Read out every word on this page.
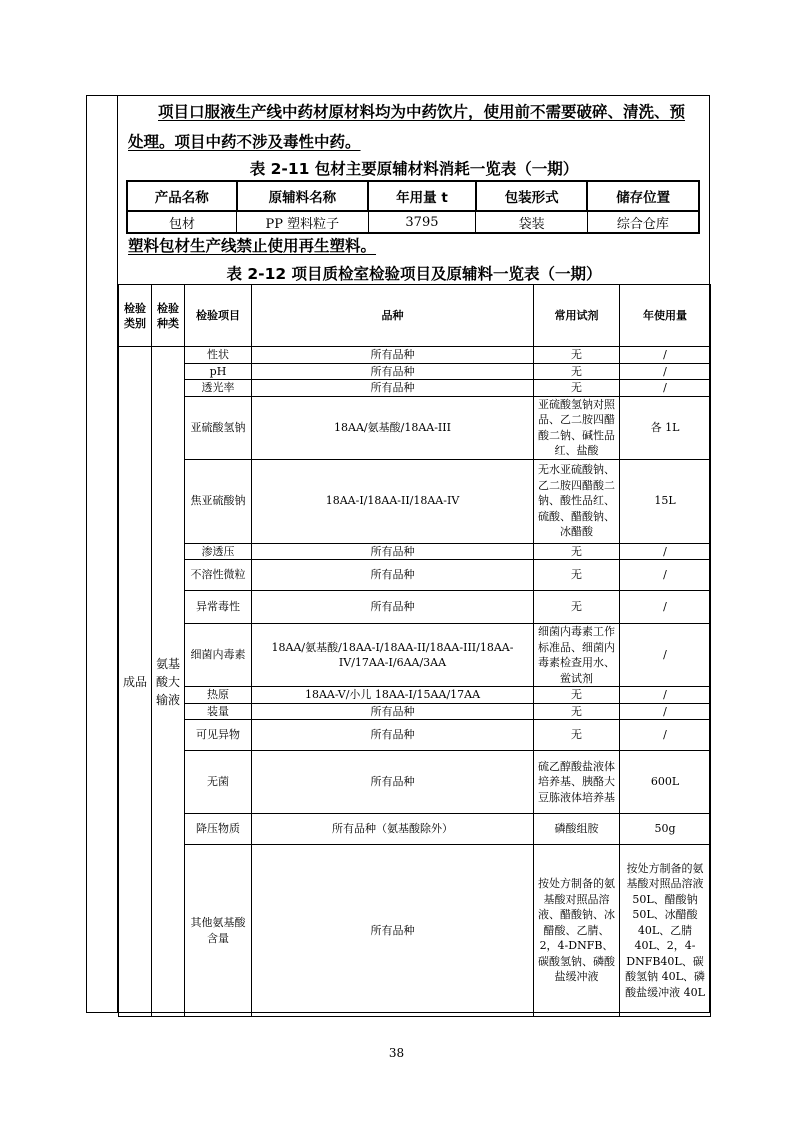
项目口服液生产线中药材原材料均为中药饮片，使用前不需要破碎、清洗、预
处理。项目中药不涉及毒性中药。
表 2-11 包材主要原辅材料消耗一览表（一期）
产品名称	原辅料名称	年用量 t	包装形式	储存位置
包材	PP 塑料粒子	3795	袋装	综合仓库
塑料包材生产线禁止使用再生塑料。
表 2-12 项目质检室检验项目及原辅料一览表（一期）
检验类别	检验种类	检验项目	品种	常用试剂	年使用量
成品	氨基酸大输液	性状	所有品种	无	/
		pH	所有品种	无	/
		透光率	所有品种	无	/
		亚硫酸氢钠	18AA/氨基酸/18AA-III	亚硫酸氢钠对照品、乙二胺四醋酸二钠、碱性品红、盐酸	各 1L
		焦亚硫酸钠	18AA-I/18AA-II/18AA-IV	无水亚硫酸钠、乙二胺四醋酸二钠、酸性品红、硫酸、醋酸钠、冰醋酸	15L
		渗透压	所有品种	无	/
		不溶性微粒	所有品种	无	/
		异常毒性	所有品种	无	/
		细菌内毒素	18AA/氨基酸/18AA-I/18AA-II/18AA-III/18AA-IV/17AA-I/6AA/3AA	细菌内毒素工作标准品、细菌内毒素检查用水、鲎试剂	/
		热原	18AA-V/小儿 18AA-I/15AA/17AA	无	/
		装量	所有品种	无	/
		可见异物	所有品种	无	/
		无菌	所有品种	硫乙醇酸盐液体培养基、胰酪大豆胨液体培养基	600L
		降压物质	所有品种（氨基酸除外）	磷酸组胺	50g
		其他氨基酸含量	所有品种	按处方制备的氨基酸对照品溶液、醋酸钠、冰醋酸、乙腈、2，4-DNFB、碳酸氢钠、磷酸盐缓冲液	按处方制备的氨基酸对照品溶液 50L、醋酸钠 50L、冰醋酸 40L、乙腈 40L、2，4-DNFB40L、碳酸氢钠 40L、磷酸盐缓冲液 40L
38
